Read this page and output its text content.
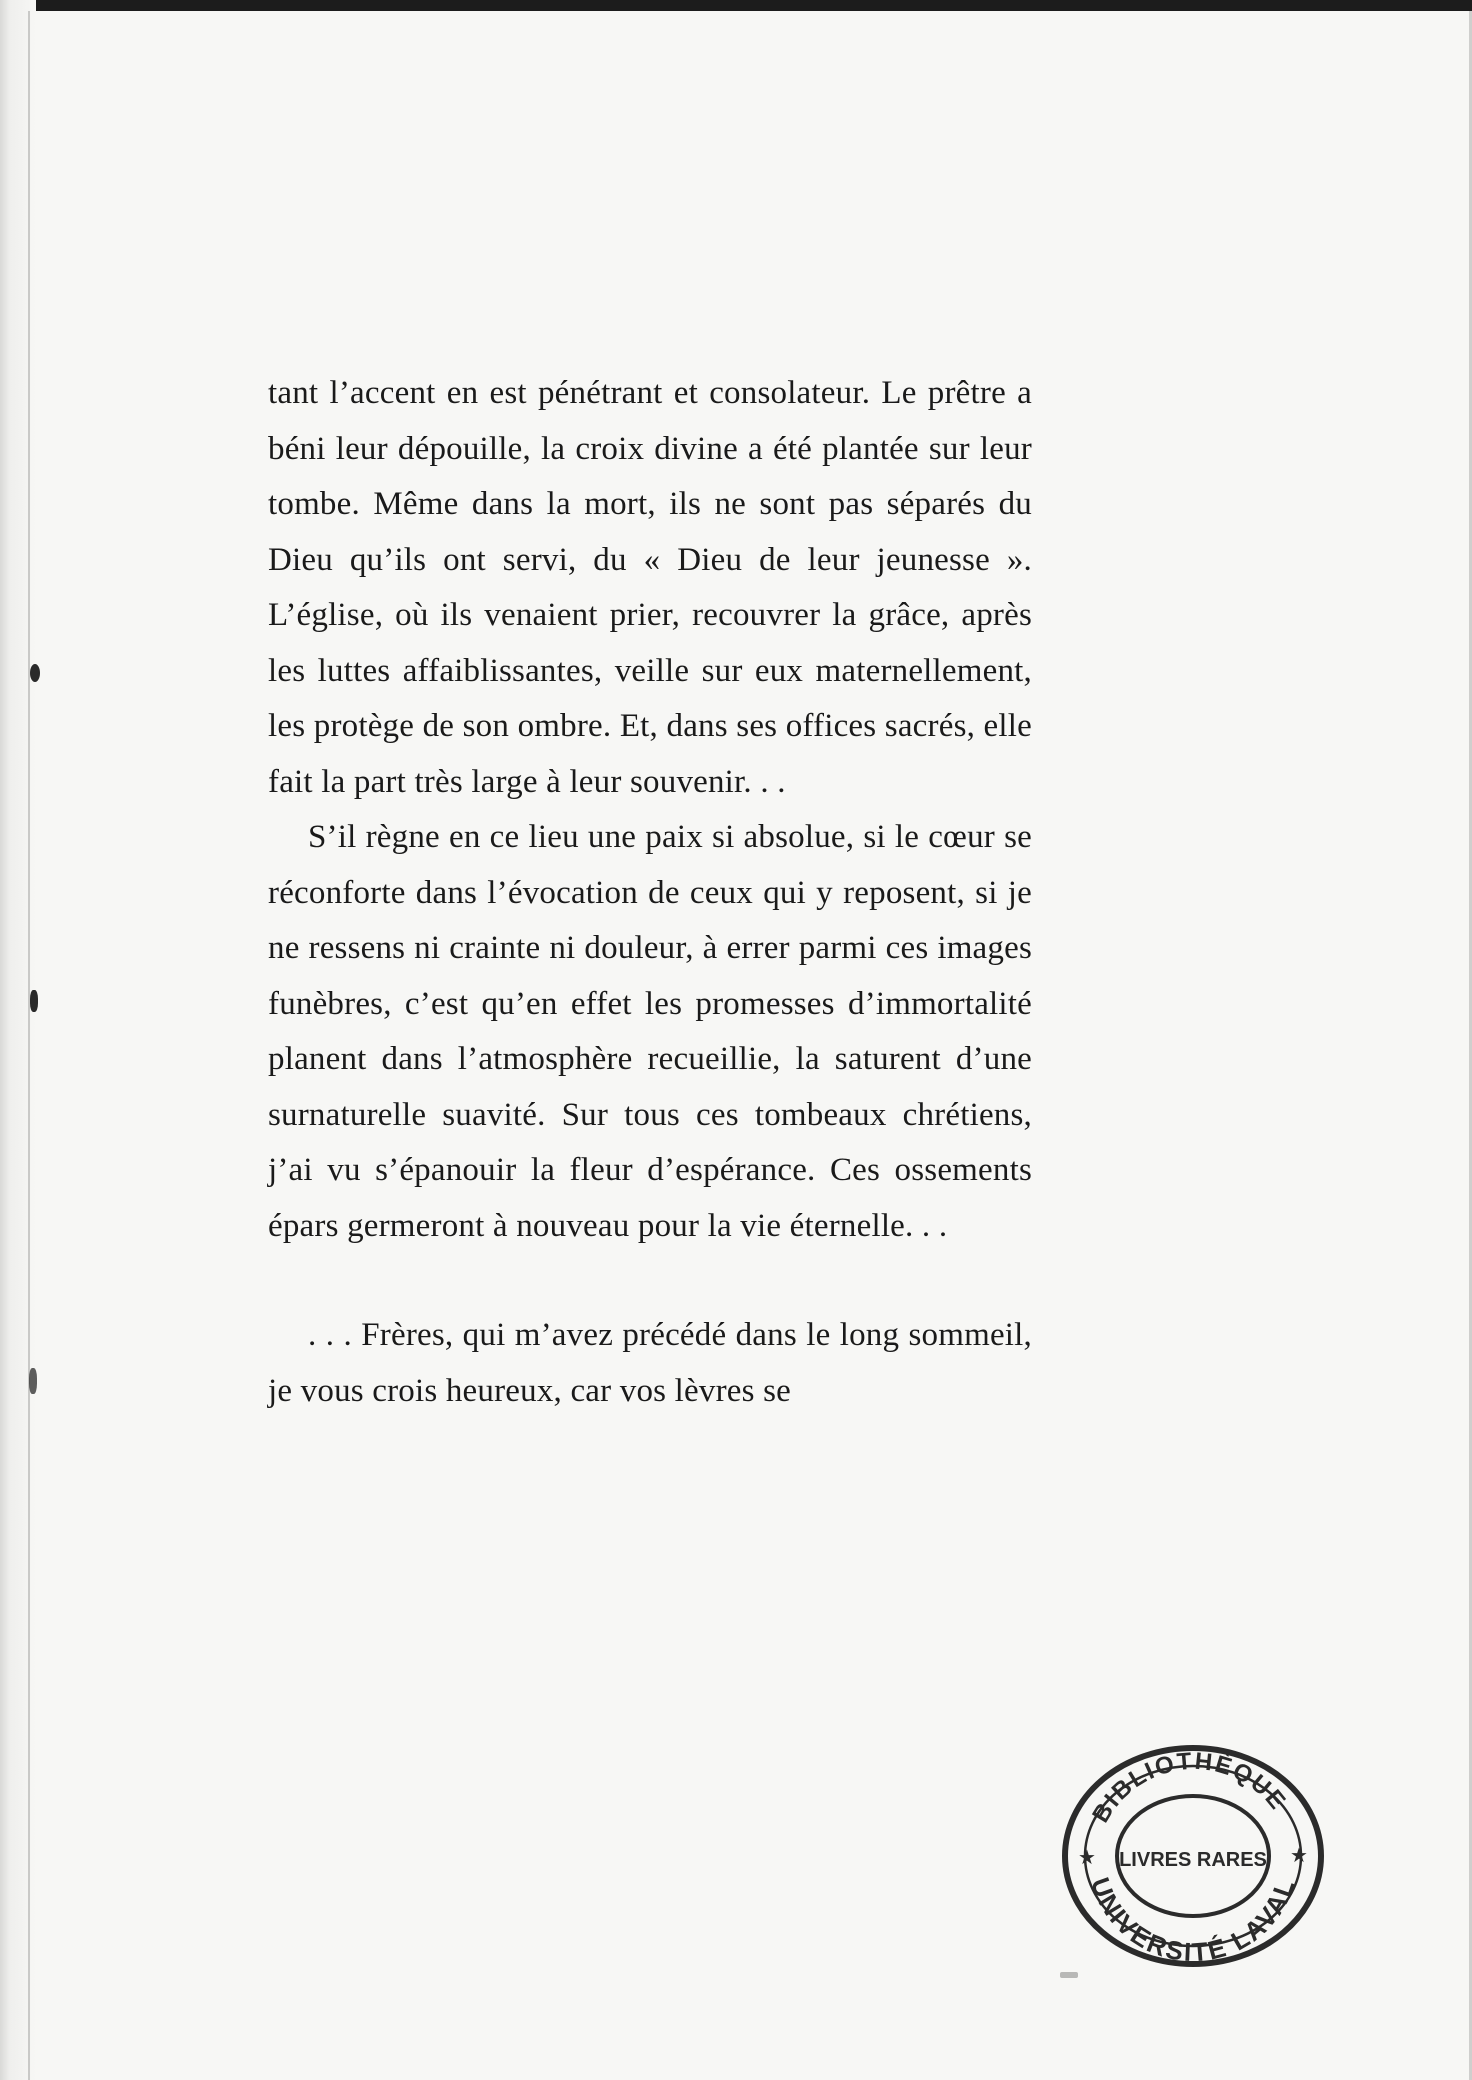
tant l’accent en est pénétrant et consolateur. Le prêtre a béni leur dépouille, la croix divine a été plantée sur leur tombe. Même dans la mort, ils ne sont pas séparés du Dieu qu’ils ont servi, du « Dieu de leur jeunesse ». L’église, où ils venaient prier, recouvrer la grâce, après les luttes affaiblissantes, veille sur eux maternellement, les protège de son ombre. Et, dans ses offices sacrés, elle fait la part très large à leur souvenir. . .

S’il règne en ce lieu une paix si absolue, si le cœur se réconforte dans l’évocation de ceux qui y reposent, si je ne ressens ni crainte ni douleur, à errer parmi ces images funèbres, c’est qu’en effet les promesses d’immortalité planent dans l’atmosphère recueillie, la saturent d’une surnaturelle suavité. Sur tous ces tombeaux chrétiens, j’ai vu s’épanouir la fleur d’espérance. Ces ossements épars germeront à nouveau pour la vie éternelle. . .

. . . Frères, qui m’avez précédé dans le long sommeil, je vous crois heureux, car vos lèvres se

BIBLIOTHÈQUE
UNIVERSITÉ LAVAL
LIVRES RARES
★	★
